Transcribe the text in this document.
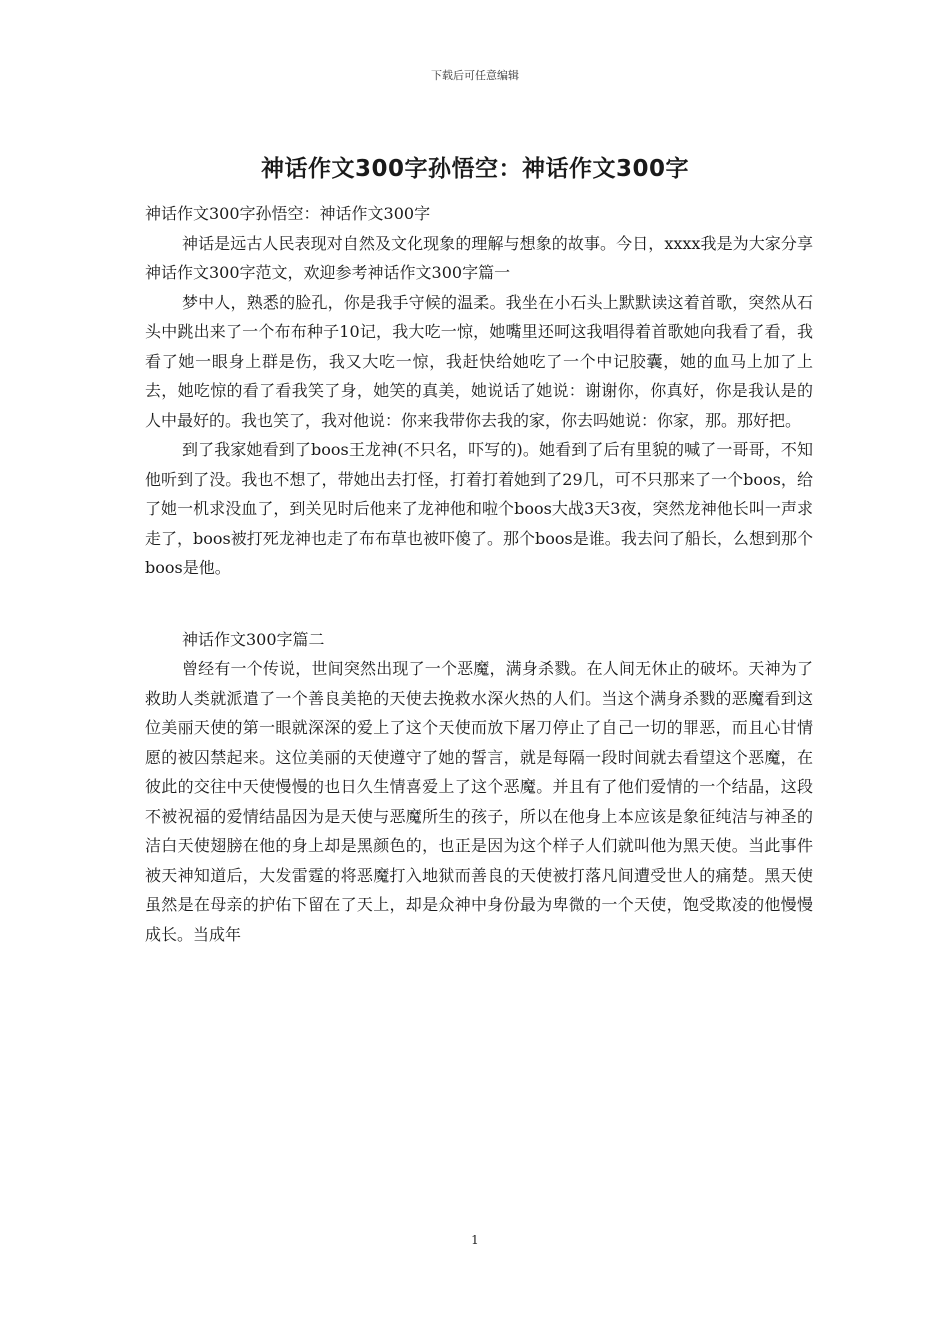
下载后可任意编辑
神话作文300字孙悟空：神话作文300字

神话作文300字孙悟空：神话作文300字

神话是远古人民表现对自然及文化现象的理解与想象的故事。今日，xxxx我是为大家分享神话作文300字范文，欢迎参考神话作文300字篇一

梦中人，熟悉的脸孔，你是我手守候的温柔。我坐在小石头上默默读这着首歌，突然从石头中跳出来了一个布布种子10记，我大吃一惊，她嘴里还呵这我唱得着首歌她向我看了看，我看了她一眼身上群是伤，我又大吃一惊，我赶快给她吃了一个中记胶囊，她的血马上加了上去，她吃惊的看了看我笑了身，她笑的真美，她说话了她说：谢谢你，你真好，你是我认是的人中最好的。我也笑了，我对他说：你来我带你去我的家，你去吗她说：你家，那。那好把。

到了我家她看到了boos王龙神(不只名，吓写的)。她看到了后有里貌的喊了一哥哥，不知他听到了没。我也不想了，带她出去打怪，打着打着她到了29几，可不只那来了一个boos，给了她一机求没血了，到关见时后他来了龙神他和啦个boos大战3天3夜，突然龙神他长叫一声求走了，boos被打死龙神也走了布布草也被吓傻了。那个boos是谁。我去问了船长，么想到那个boos是他。

神话作文300字篇二

曾经有一个传说，世间突然出现了一个恶魔，满身杀戮。在人间无休止的破坏。天神为了救助人类就派遣了一个善良美艳的天使去挽救水深火热的人们。当这个满身杀戮的恶魔看到这位美丽天使的第一眼就深深的爱上了这个天使而放下屠刀停止了自己一切的罪恶，而且心甘情愿的被囚禁起来。这位美丽的天使遵守了她的誓言，就是每隔一段时间就去看望这个恶魔，在彼此的交往中天使慢慢的也日久生情喜爱上了这个恶魔。并且有了他们爱情的一个结晶，这段不被祝福的爱情结晶因为是天使与恶魔所生的孩子，所以在他身上本应该是象征纯洁与神圣的洁白天使翅膀在他的身上却是黑颜色的，也正是因为这个样子人们就叫他为黑天使。当此事件被天神知道后，大发雷霆的将恶魔打入地狱而善良的天使被打落凡间遭受世人的痛楚。黑天使虽然是在母亲的护佑下留在了天上，却是众神中身份最为卑微的一个天使，饱受欺凌的他慢慢成长。当成年

1
